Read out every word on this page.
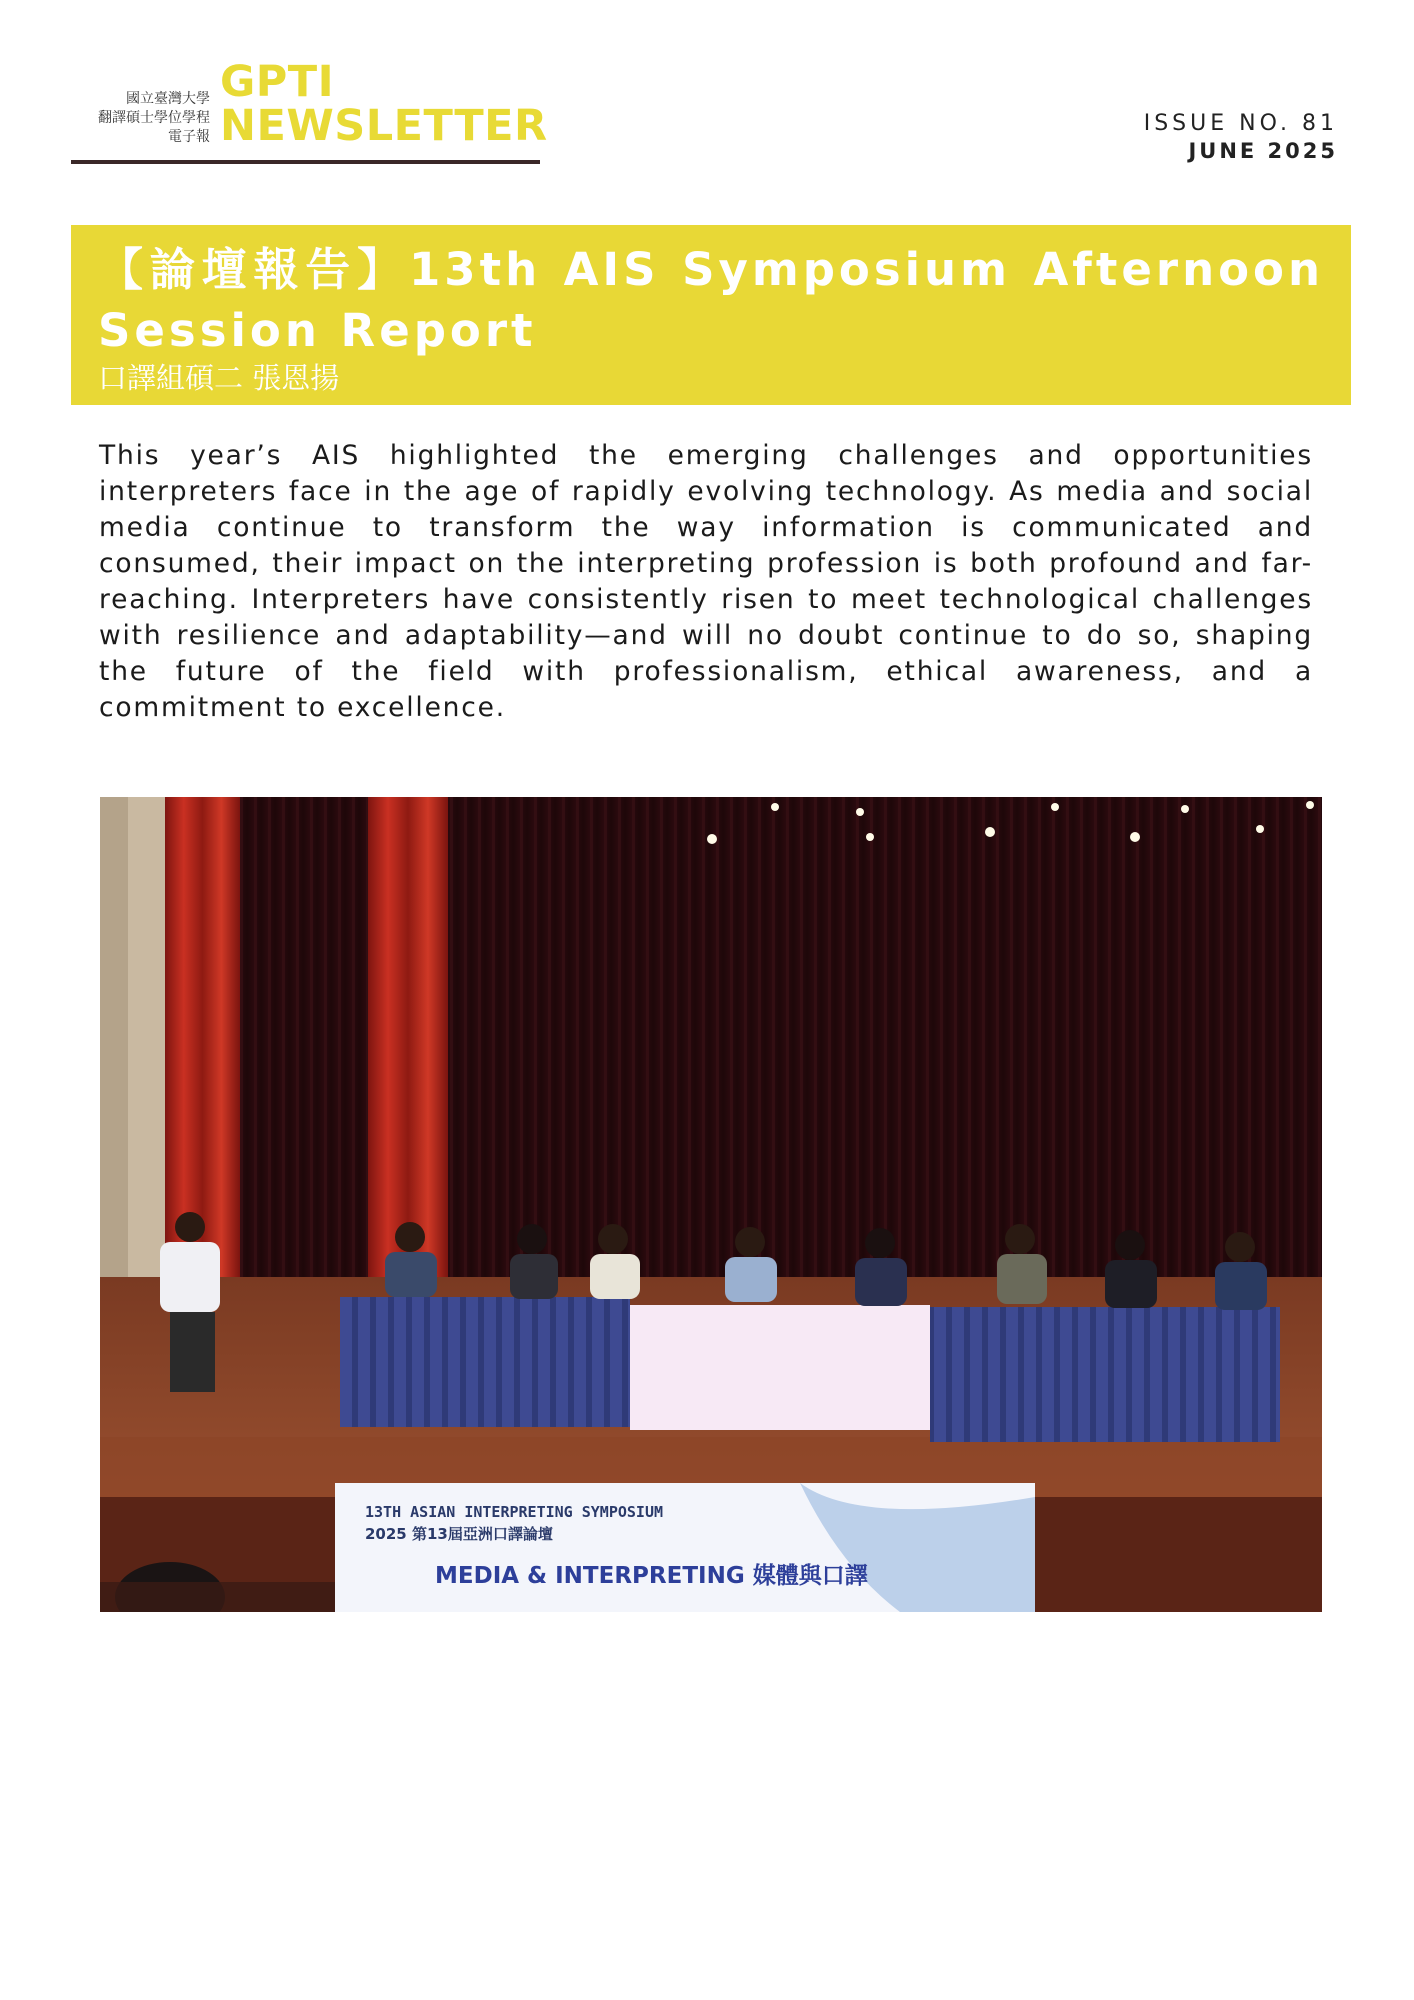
國立臺灣大學
翻譯碩士學位學程
電子報
GPTI
NEWSLETTER	ISSUE NO. 81
JUNE 2025
【論壇報告】13th AIS Symposium Afternoon Session Report
口譯組碩二 張恩揚

This year’s AIS highlighted the emerging challenges and opportunities interpreters face in the age of rapidly evolving technology. As media and social media continue to transform the way information is communicated and consumed, their impact on the interpreting profession is both profound and far-reaching. Interpreters have consistently risen to meet technological challenges with resilience and adaptability—and will no doubt continue to do so, shaping the future of the field with professionalism, ethical awareness, and a commitment to excellence.

13TH ASIAN INTERPRETING SYMPOSIUM
2025 第13屆亞洲口譯論壇
MEDIA & INTERPRETING 媒體與口譯
